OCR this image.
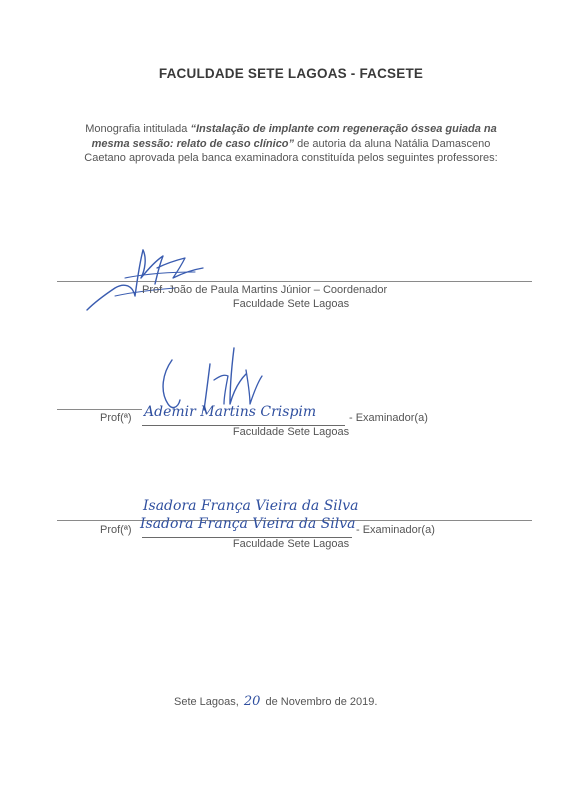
FACULDADE SETE LAGOAS - FACSETE
Monografia intitulada “Instalação de implante com regeneração óssea guiada na mesma sessão: relato de caso clínico” de autoria da aluna Natália Damasceno Caetano aprovada pela banca examinadora constituída pelos seguintes professores:
Prof. João de Paula Martins Júnior – Coordenador
Faculdade Sete Lagoas
Prof(ª) Ademir Martins Crispim	- Examinador(a)
Faculdade Sete Lagoas
Isadora França Vieira da Silva
Prof(ª) Isadora França Vieira da Silva - Examinador(a)
Faculdade Sete Lagoas
Sete Lagoas, 20 de Novembro de 2019.
